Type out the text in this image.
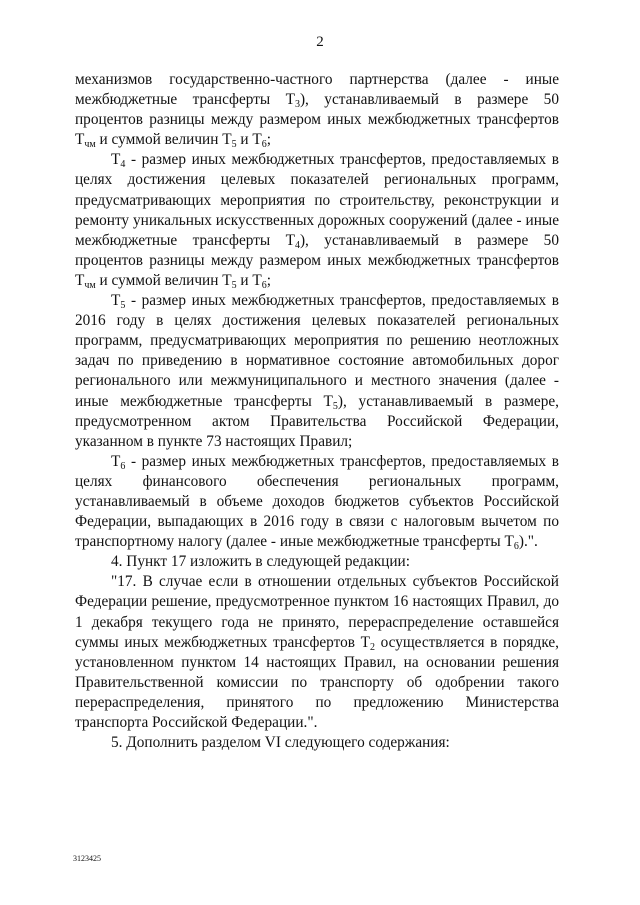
2

механизмов государственно-частного партнерства (далее - иные межбюджетные трансферты $Т_3$), устанавливаемый в размере 50 процентов разницы между размером иных межбюджетных трансфертов $Т_{чм}$ и суммой величин $Т_5$ и $Т_6$;

$Т_4$ - размер иных межбюджетных трансфертов, предоставляемых в целях достижения целевых показателей региональных программ, предусматривающих мероприятия по строительству, реконструкции и ремонту уникальных искусственных дорожных сооружений (далее - иные межбюджетные трансферты $Т_4$), устанавливаемый в размере 50 процентов разницы между размером иных межбюджетных трансфертов $Т_{чм}$ и суммой величин $Т_5$ и $Т_6$;

$Т_5$ - размер иных межбюджетных трансфертов, предоставляемых в 2016 году в целях достижения целевых показателей региональных программ, предусматривающих мероприятия по решению неотложных задач по приведению в нормативное состояние автомобильных дорог регионального или межмуниципального и местного значения (далее - иные межбюджетные трансферты $Т_5$), устанавливаемый в размере, предусмотренном актом Правительства Российской Федерации, указанном в пункте 73 настоящих Правил;

$Т_6$ - размер иных межбюджетных трансфертов, предоставляемых в целях финансового обеспечения региональных программ, устанавливаемый в объеме доходов бюджетов субъектов Российской Федерации, выпадающих в 2016 году в связи с налоговым вычетом по транспортному налогу (далее - иные межбюджетные трансферты $Т_6$).".

4. Пункт 17 изложить в следующей редакции:

"17. В случае если в отношении отдельных субъектов Российской Федерации решение, предусмотренное пунктом 16 настоящих Правил, до 1 декабря текущего года не принято, перераспределение оставшейся суммы иных межбюджетных трансфертов $Т_2$ осуществляется в порядке, установленном пунктом 14 настоящих Правил, на основании решения Правительственной комиссии по транспорту об одобрении такого перераспределения, принятого по предложению Министерства транспорта Российской Федерации.".

5. Дополнить разделом VI следующего содержания:

3123425
